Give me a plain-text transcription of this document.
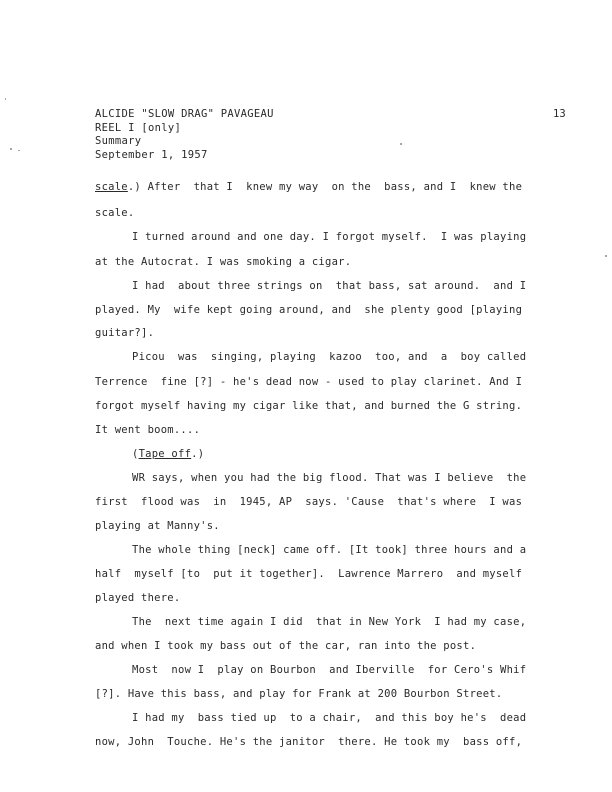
ALCIDE "SLOW DRAG" PAVAGEAU
REEL I [only]
Summary
September 1, 1957
13
scale.) After  that I  knew my way  on the  bass, and I  knew the
scale.
I turned around and one day. I forgot myself.  I was playing
at the Autocrat. I was smoking a cigar.
I had  about three strings on  that bass, sat around.  and I
played. My  wife kept going around, and  she plenty good [playing
guitar?].
Picou  was  singing, playing  kazoo  too, and  a  boy called
Terrence  fine [?] - he's dead now - used to play clarinet. And I
forgot myself having my cigar like that, and burned the G string.
It went boom....
(Tape off.)
WR says, when you had the big flood. That was I believe  the
first  flood was  in  1945, AP  says. 'Cause  that's where  I was
playing at Manny's.
The whole thing [neck] came off. [It took] three hours and a
half  myself [to  put it together].  Lawrence Marrero  and myself
played there.
The  next time again I did  that in New York  I had my case,
and when I took my bass out of the car, ran into the post.
Most  now I  play on Bourbon  and Iberville  for Cero's Whif
[?]. Have this bass, and play for Frank at 200 Bourbon Street.
I had my  bass tied up  to a chair,  and this boy he's  dead
now, John  Touche. He's the janitor  there. He took my  bass off,
